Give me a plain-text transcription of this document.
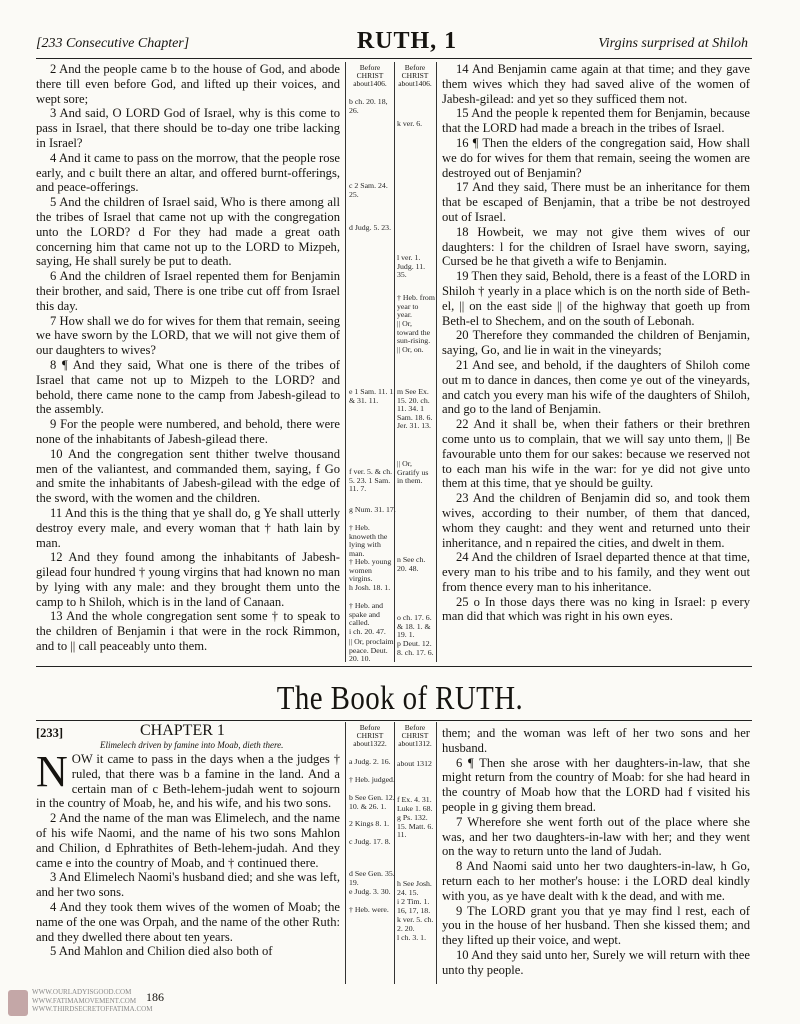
[233 Consecutive Chapter]	RUTH, 1	Virgins surprised at Shiloh

2 And the people came b to the house of God, and abode there till even before God, and lifted up their voices, and wept sore;

3 And said, O LORD God of Israel, why is this come to pass in Israel, that there should be to-day one tribe lacking in Israel?

4 And it came to pass on the morrow, that the people rose early, and c built there an altar, and offered burnt-offerings, and peace-offerings.

5 And the children of Israel said, Who is there among all the tribes of Israel that came not up with the congregation unto the LORD? d For they had made a great oath concerning him that came not up to the LORD to Mizpeh, saying, He shall surely be put to death.

6 And the children of Israel repented them for Benjamin their brother, and said, There is one tribe cut off from Israel this day.

7 How shall we do for wives for them that remain, seeing we have sworn by the LORD, that we will not give them of our daughters to wives?

8 ¶ And they said, What one is there of the tribes of Israel that came not up to Mizpeh to the LORD? and behold, there came none to the camp from Jabesh-gilead to the assembly.

9 For the people were numbered, and behold, there were none of the inhabitants of Jabesh-gilead there.

10 And the congregation sent thither twelve thousand men of the valiantest, and commanded them, saying, f Go and smite the inhabitants of Jabesh-gilead with the edge of the sword, with the women and the children.

11 And this is the thing that ye shall do, g Ye shall utterly destroy every male, and every woman that † hath lain by man.

12 And they found among the inhabitants of Jabesh-gilead four hundred † young virgins that had known no man by lying with any male: and they brought them unto the camp to h Shiloh, which is in the land of Canaan.

13 And the whole congregation sent some † to speak to the children of Benjamin i that were in the rock Rimmon, and to || call peaceably unto them.

Before CHRIST about1406.
Before CHRIST about1406.
b ch. 20. 18, 26.
c 2 Sam. 24. 25.
d Judg. 5. 23.
e 1 Sam. 11. 1. & 31. 11.
f ver. 5. & ch. 5. 23. 1 Sam. 11. 7.
g Num. 31. 17.
† Heb. knoweth the lying with man.
† Heb. young women virgins.
h Josh. 18. 1.
† Heb. and spake and called.
i ch. 20. 47.
|| Or, proclaim peace. Deut. 20. 10.
k ver. 6.
l ver. 1. Judg. 11. 35.
† Heb. from year to year.
|| Or, toward the sun-rising.
|| Or, on.
m See Ex. 15. 20. ch. 11. 34. 1 Sam. 18. 6. Jer. 31. 13.
|| Or, Gratify us in them.
n See ch. 20. 48.
o ch. 17. 6. & 18. 1. & 19. 1.
p Deut. 12. 8. ch. 17. 6.

14 And Benjamin came again at that time; and they gave them wives which they had saved alive of the women of Jabesh-gilead: and yet so they sufficed them not.

15 And the people k repented them for Benjamin, because that the LORD had made a breach in the tribes of Israel.

16 ¶ Then the elders of the congregation said, How shall we do for wives for them that remain, seeing the women are destroyed out of Benjamin?

17 And they said, There must be an inheritance for them that be escaped of Benjamin, that a tribe be not destroyed out of Israel.

18 Howbeit, we may not give them wives of our daughters: l for the children of Israel have sworn, saying, Cursed be he that giveth a wife to Benjamin.

19 Then they said, Behold, there is a feast of the LORD in Shiloh † yearly in a place which is on the north side of Beth-el, || on the east side || of the highway that goeth up from Beth-el to Shechem, and on the south of Lebonah.

20 Therefore they commanded the children of Benjamin, saying, Go, and lie in wait in the vineyards;

21 And see, and behold, if the daughters of Shiloh come out m to dance in dances, then come ye out of the vineyards, and catch you every man his wife of the daughters of Shiloh, and go to the land of Benjamin.

22 And it shall be, when their fathers or their brethren come unto us to complain, that we will say unto them, || Be favourable unto them for our sakes: because we reserved not to each man his wife in the war: for ye did not give unto them at this time, that ye should be guilty.

23 And the children of Benjamin did so, and took them wives, according to their number, of them that danced, whom they caught: and they went and returned unto their inheritance, and n repaired the cities, and dwelt in them.

24 And the children of Israel departed thence at that time, every man to his tribe and to his family, and they went out from thence every man to his inheritance.

25 o In those days there was no king in Israel: p every man did that which was right in his own eyes.

The Book of RUTH.
[233]	CHAPTER 1
Elimelech driven by famine into Moab, dieth there.

NOW it came to pass in the days when a the judges † ruled, that there was b a famine in the land. And a certain man of c Beth-lehem-judah went to sojourn in the country of Moab, he, and his wife, and his two sons.

2 And the name of the man was Elimelech, and the name of his wife Naomi, and the name of his two sons Mahlon and Chilion, d Ephrathites of Beth-lehem-judah. And they came e into the country of Moab, and † continued there.

3 And Elimelech Naomi's husband died; and she was left, and her two sons.

4 And they took them wives of the women of Moab; the name of the one was Orpah, and the name of the other Ruth: and they dwelled there about ten years.

5 And Mahlon and Chilion died also both of

Before CHRIST about1322.
Before CHRIST about1312.
a Judg. 2. 16.
† Heb. judged.
b See Gen. 12. 10. & 26. 1.
2 Kings 8. 1.
c Judg. 17. 8.
d See Gen. 35. 19.
e Judg. 3. 30.
† Heb. were.
about 1312
f Ex. 4. 31. Luke 1. 68.
g Ps. 132. 15. Matt. 6. 11.
h See Josh. 24. 15.
i 2 Tim. 1. 16, 17, 18.
k ver. 5. ch. 2. 20.
l ch. 3. 1.

them; and the woman was left of her two sons and her husband.

6 ¶ Then she arose with her daughters-in-law, that she might return from the country of Moab: for she had heard in the country of Moab how that the LORD had f visited his people in g giving them bread.

7 Wherefore she went forth out of the place where she was, and her two daughters-in-law with her; and they went on the way to return unto the land of Judah.

8 And Naomi said unto her two daughters-in-law, h Go, return each to her mother's house: i the LORD deal kindly with you, as ye have dealt with k the dead, and with me.

9 The LORD grant you that ye may find l rest, each of you in the house of her husband. Then she kissed them; and they lifted up their voice, and wept.

10 And they said unto her, Surely we will return with thee unto thy people.

WWW.OURLADYISGOOD.COM
WWW.FATIMAMOVEMENT.COM
WWW.THIRDSECRETOFFATIMA.COM
186
